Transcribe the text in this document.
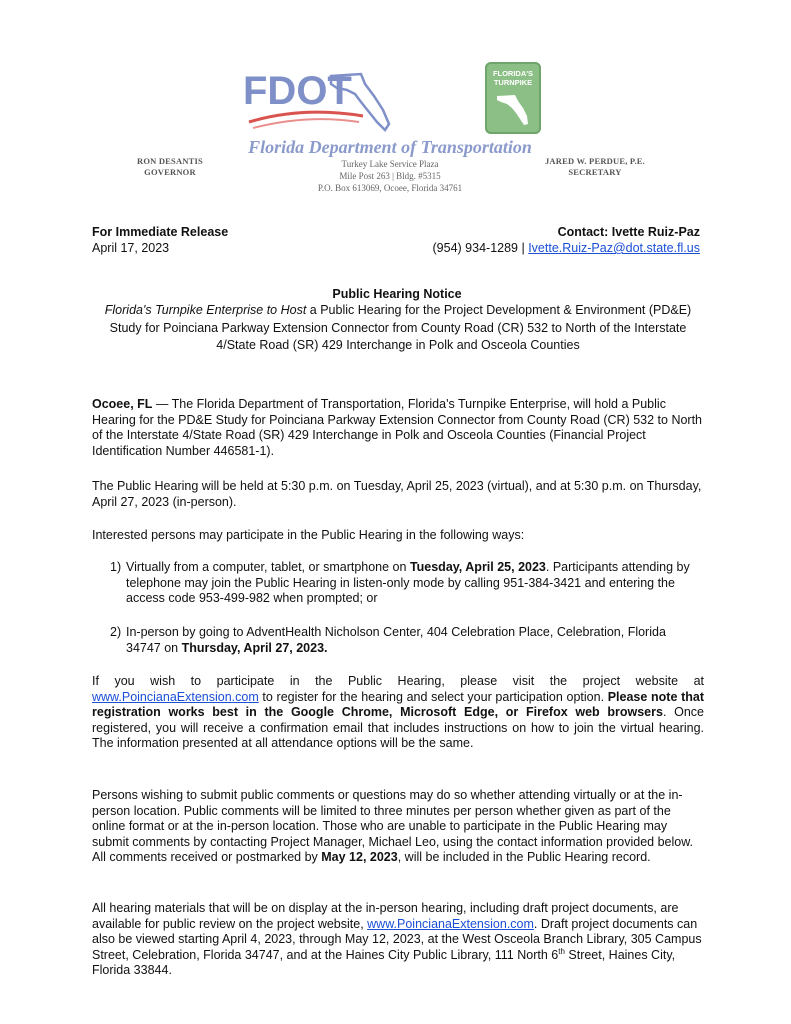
FDOT	FLORIDA'S
TURNPIKE
Florida Department of Transportation
RON DESANTIS
GOVERNOR
Turkey Lake Service Plaza
Mile Post 263 | Bldg. #5315
P.O. Box 613069, Ocoee, Florida 34761
JARED W. PERDUE, P.E.
SECRETARY
For Immediate Release
April 17, 2023
Contact: Ivette Ruiz-Paz
(954) 934-1289 | Ivette.Ruiz-Paz@dot.state.fl.us
Public Hearing Notice
Florida's Turnpike Enterprise to Host a Public Hearing for the Project Development & Environment (PD&E) Study for Poinciana Parkway Extension Connector from County Road (CR) 532 to North of the Interstate 4/State Road (SR) 429 Interchange in Polk and Osceola Counties
Ocoee, FL — The Florida Department of Transportation, Florida's Turnpike Enterprise, will hold a Public Hearing for the PD&E Study for Poinciana Parkway Extension Connector from County Road (CR) 532 to North of the Interstate 4/State Road (SR) 429 Interchange in Polk and Osceola Counties (Financial Project Identification Number 446581-1).
The Public Hearing will be held at 5:30 p.m. on Tuesday, April 25, 2023 (virtual), and at 5:30 p.m. on Thursday, April 27, 2023 (in-person).
Interested persons may participate in the Public Hearing in the following ways:
1) Virtually from a computer, tablet, or smartphone on Tuesday, April 25, 2023. Participants attending by telephone may join the Public Hearing in listen-only mode by calling 951-384-3421 and entering the access code 953-499-982 when prompted; or
2) In-person by going to AdventHealth Nicholson Center, 404 Celebration Place, Celebration, Florida 34747 on Thursday, April 27, 2023.
If you wish to participate in the Public Hearing, please visit the project website at www.PoincianaExtension.com to register for the hearing and select your participation option. Please note that registration works best in the Google Chrome, Microsoft Edge, or Firefox web browsers. Once registered, you will receive a confirmation email that includes instructions on how to join the virtual hearing. The information presented at all attendance options will be the same.
Persons wishing to submit public comments or questions may do so whether attending virtually or at the in-person location. Public comments will be limited to three minutes per person whether given as part of the online format or at the in-person location. Those who are unable to participate in the Public Hearing may submit comments by contacting Project Manager, Michael Leo, using the contact information provided below. All comments received or postmarked by May 12, 2023, will be included in the Public Hearing record.
All hearing materials that will be on display at the in-person hearing, including draft project documents, are available for public review on the project website, www.PoincianaExtension.com. Draft project documents can also be viewed starting April 4, 2023, through May 12, 2023, at the West Osceola Branch Library, 305 Campus Street, Celebration, Florida 34747, and at the Haines City Public Library, 111 North 6th Street, Haines City, Florida 33844.
